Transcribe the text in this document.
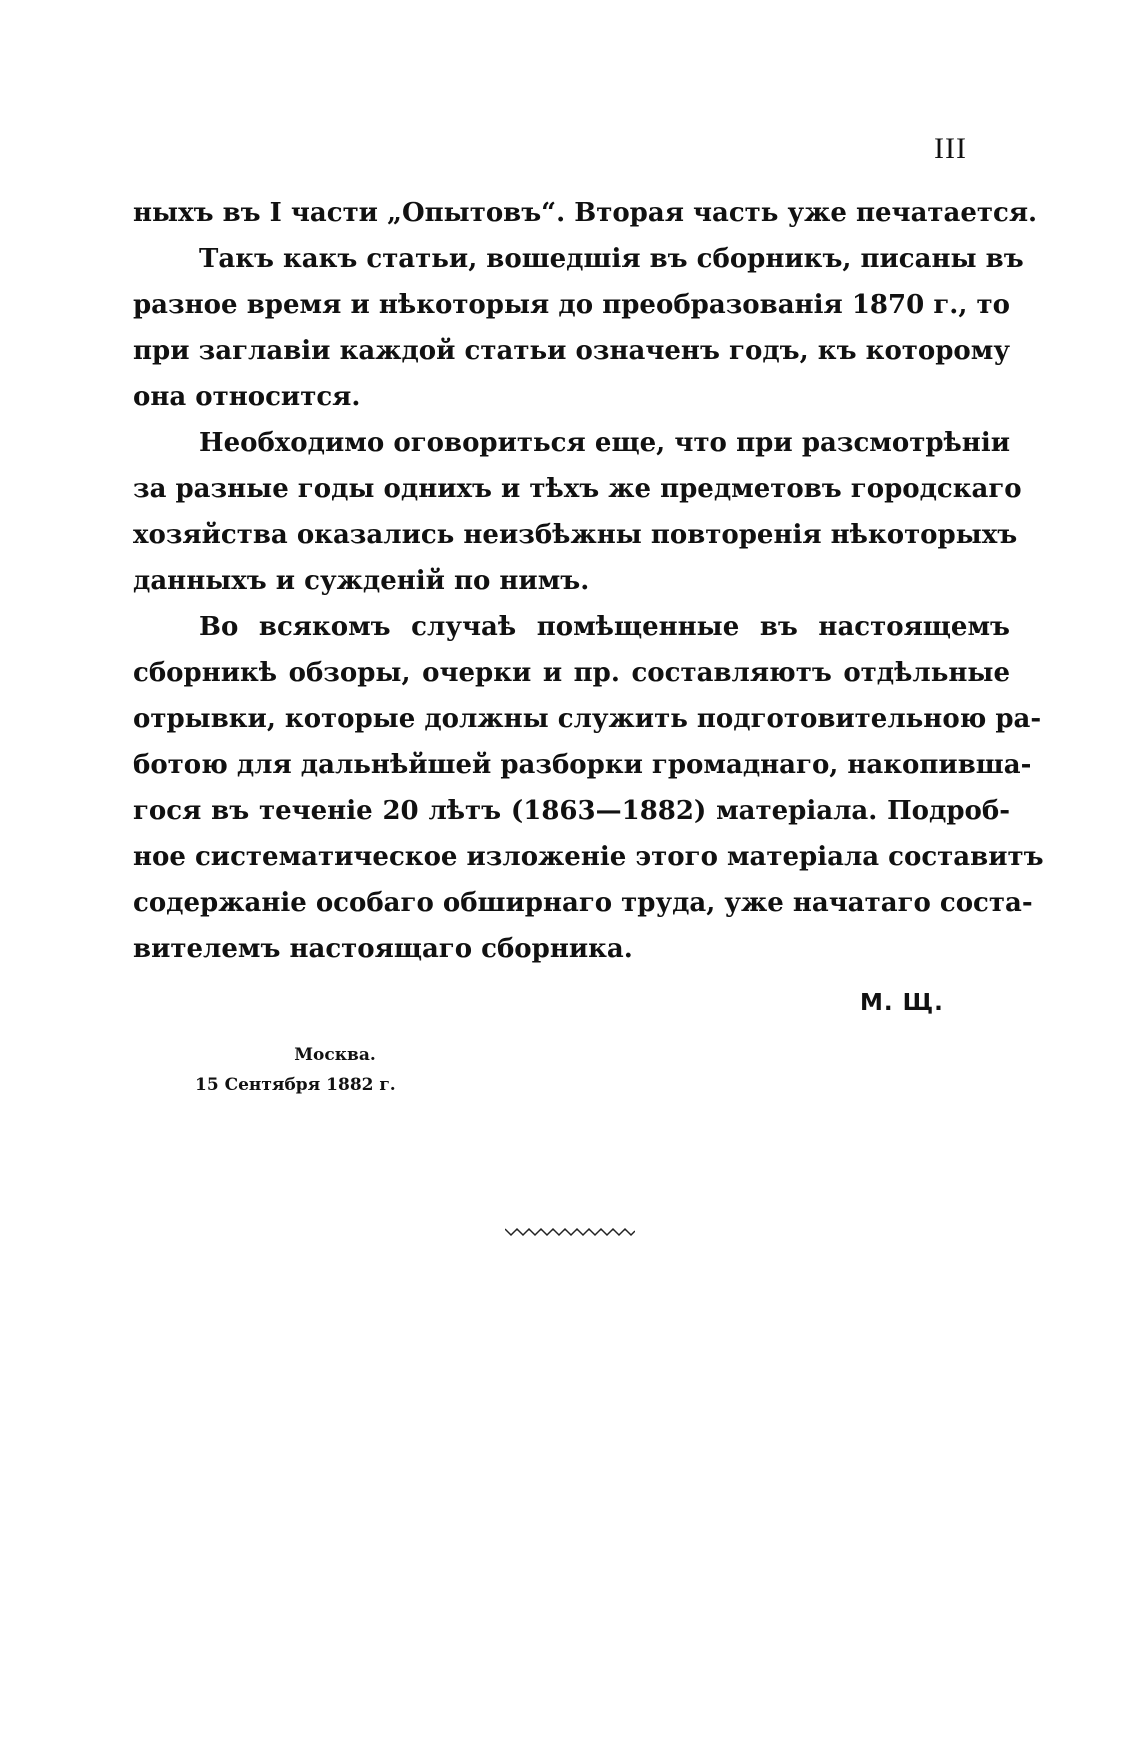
III
ныхъ въ I части „Опытовъ“. Вторая часть уже печатается.
Такъ какъ статьи, вошедшія въ сборникъ, писаны въ
разное время и нѣкоторыя до преобразованія 1870 г., то
при заглавіи каждой статьи означенъ годъ, къ которому
она относится.
Необходимо оговориться еще, что при разсмотрѣніи
за разные годы однихъ и тѣхъ же предметовъ городскаго
хозяйства оказались неизбѣжны повторенія нѣкоторыхъ
данныхъ и сужденій по нимъ.
Во всякомъ случаѣ помѣщенные въ настоящемъ
сборникѣ обзоры, очерки и пр. составляютъ отдѣльные
отрывки, которые должны служить подготовительною ра-
ботою для дальнѣйшей разборки громаднаго, накопивша-
гося въ теченіе 20 лѣтъ (1863—1882) матеріала. Подроб-
ное систематическое изложеніе этого матеріала составитъ
содержаніе особаго обширнаго труда, уже начатаго соста-
вителемъ настоящаго сборника.
М. Щ.
Москва.
15 Сентября 1882 г.
